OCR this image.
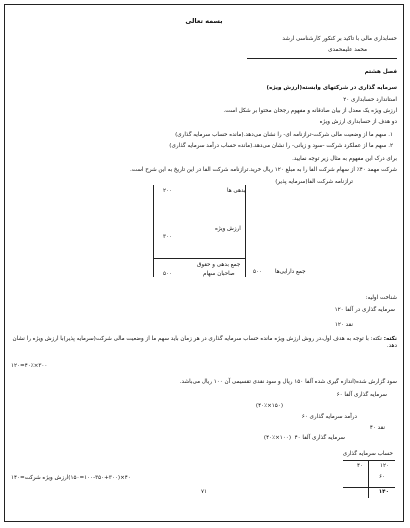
بسمه تعالی
حسابداری مالی با تاکید بر کنکور کارشناسی ارشد
محمد علیمحمدی
فصل هشتم
سرمایه گذاری در شرکتهای وابسته(ارزش ویژه)
استاندارد حسابداری ۲۰
ارزش ویژه یک معدل از بیان صادقانه و مفهوم رجحان محتوا بر شکل است.
دو هدف از حسابداری ارزش ویژه
۱. سهم ما از وضعیت مالی شرکت-ترازنامه ای- را نشان می‌دهد.(مانده حساب سرمایه گذاری)
۲. سهم ما از عملکرد شرکت -سود و زیانی- را نشان می‌دهد.(مانده حساب درآمد سرمایه گذاری)
برای درک این مفهوم به مثال زیر توجه نمایید.
شرکت مهمد ۴۰٪ از سهام شرکت الفا را به مبلغ ۱۲۰ ریال خرید.ترازنامه شرکت الفا در این تاریخ به این شرح است.
ترازنامه شرکت الفا(سرمایه پذیر)
بدهی ها
۲۰۰
ارزش ویژه
۳۰۰
جمع بدهی و حقوق
صاحبان سهام
۵۰۰	۵۰۰ جمع دارایی‌ها
شناخت اولیه:
سرمایه گذاری در آلفا ۱۲۰
نقد ۱۲۰
نکته: نکته: با توجه به هدف اول،در روش ارزش ویژه مانده حساب سرمایه گذاری در هر زمان باید سهم ما از وضعیت مالی شرکت(سرمایه پذیر)با ارزش ویژه را نشان دهد.
۳۰۰×۴۰٪=۱۲۰
سود گزارش شده(اندازه گیری شده آلفا ۱۵۰ ریال و سود نقدی تقسیمی آن ۱۰۰ ریال می‌باشد.
سرمایه گذاری آلفا ۶۰
(۱۵۰×۴۰٪)
درآمد سرمایه گذاری ۶۰
نقد ۴۰
سرمایه گذاری آلفا ۴۰
(۱۰۰×۴۰٪)
حساب سرمایه گذاری
۱۲۰
۶۰
۴۰
۱۴۰
۴۰×(۱۰۰-۳۵۰+۳۰۰=۱۵۰)ارزش ویژه شرکت=۱۴۰
۷۱
